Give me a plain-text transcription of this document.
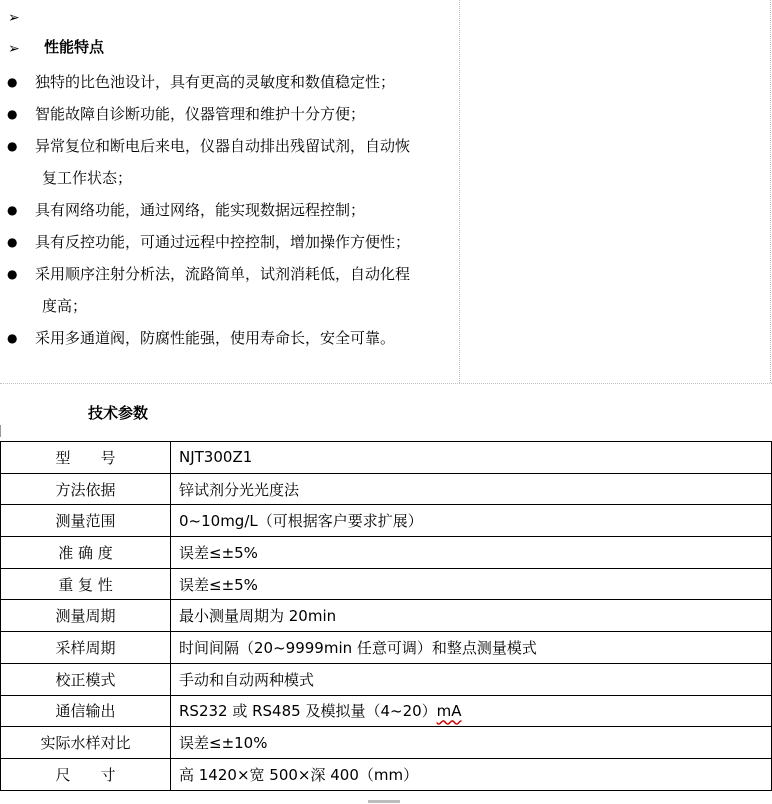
➢
➢ 性能特点
● 独特的比色池设计，具有更高的灵敏度和数值稳定性；
● 智能故障自诊断功能，仪器管理和维护十分方便；
● 异常复位和断电后来电，仪器自动排出残留试剂，自动恢
复工作状态；
● 具有网络功能，通过网络，能实现数据远程控制；
● 具有反控功能，可通过远程中控控制，增加操作方便性；
● 采用顺序注射分析法，流路简单，试剂消耗低，自动化程
度高；
● 采用多通道阀，防腐性能强，使用寿命长，安全可靠。
技术参数
型　　号	NJT300Z1
方法依据	锌试剂分光光度法
测量范围	0~10mg/L（可根据客户要求扩展）
准 确 度	误差≤±5%
重 复 性	误差≤±5%
测量周期	最小测量周期为 20min
采样周期	时间间隔（20~9999min 任意可调）和整点测量模式
校正模式	手动和自动两种模式
通信输出	RS232 或 RS485 及模拟量（4~20）mA
实际水样对比	误差≤±10%
尺　　寸	高 1420×宽 500×深 400（mm）
